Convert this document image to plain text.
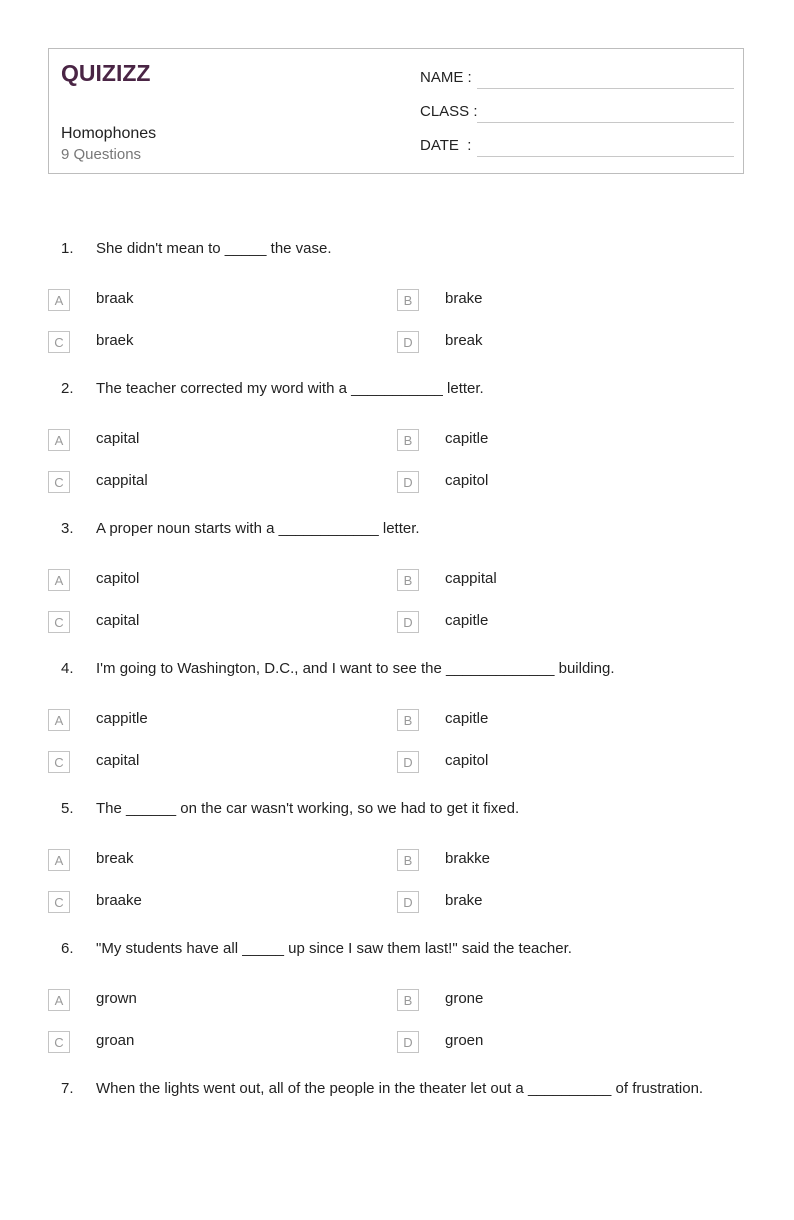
QUIZIZZ
Homophones
9 Questions
NAME :
CLASS :
DATE  :
1. She didn't mean to _____ the vase.
A	braak	B	brake
C	braek	D	break
2. The teacher corrected my word with a ___________ letter.
A	capital	B	capitle
C	cappital	D	capitol
3. A proper noun starts with a ____________ letter.
A	capitol	B	cappital
C	capital	D	capitle
4. I'm going to Washington, D.C., and I want to see the _____________ building.
A	cappitle	B	capitle
C	capital	D	capitol
5. The ______ on the car wasn't working, so we had to get it fixed.
A	break	B	brakke
C	braake	D	brake
6. "My students have all _____ up since I saw them last!" said the teacher.
A	grown	B	grone
C	groan	D	groen
7. When the lights went out, all of the people in the theater let out a __________ of frustration.
